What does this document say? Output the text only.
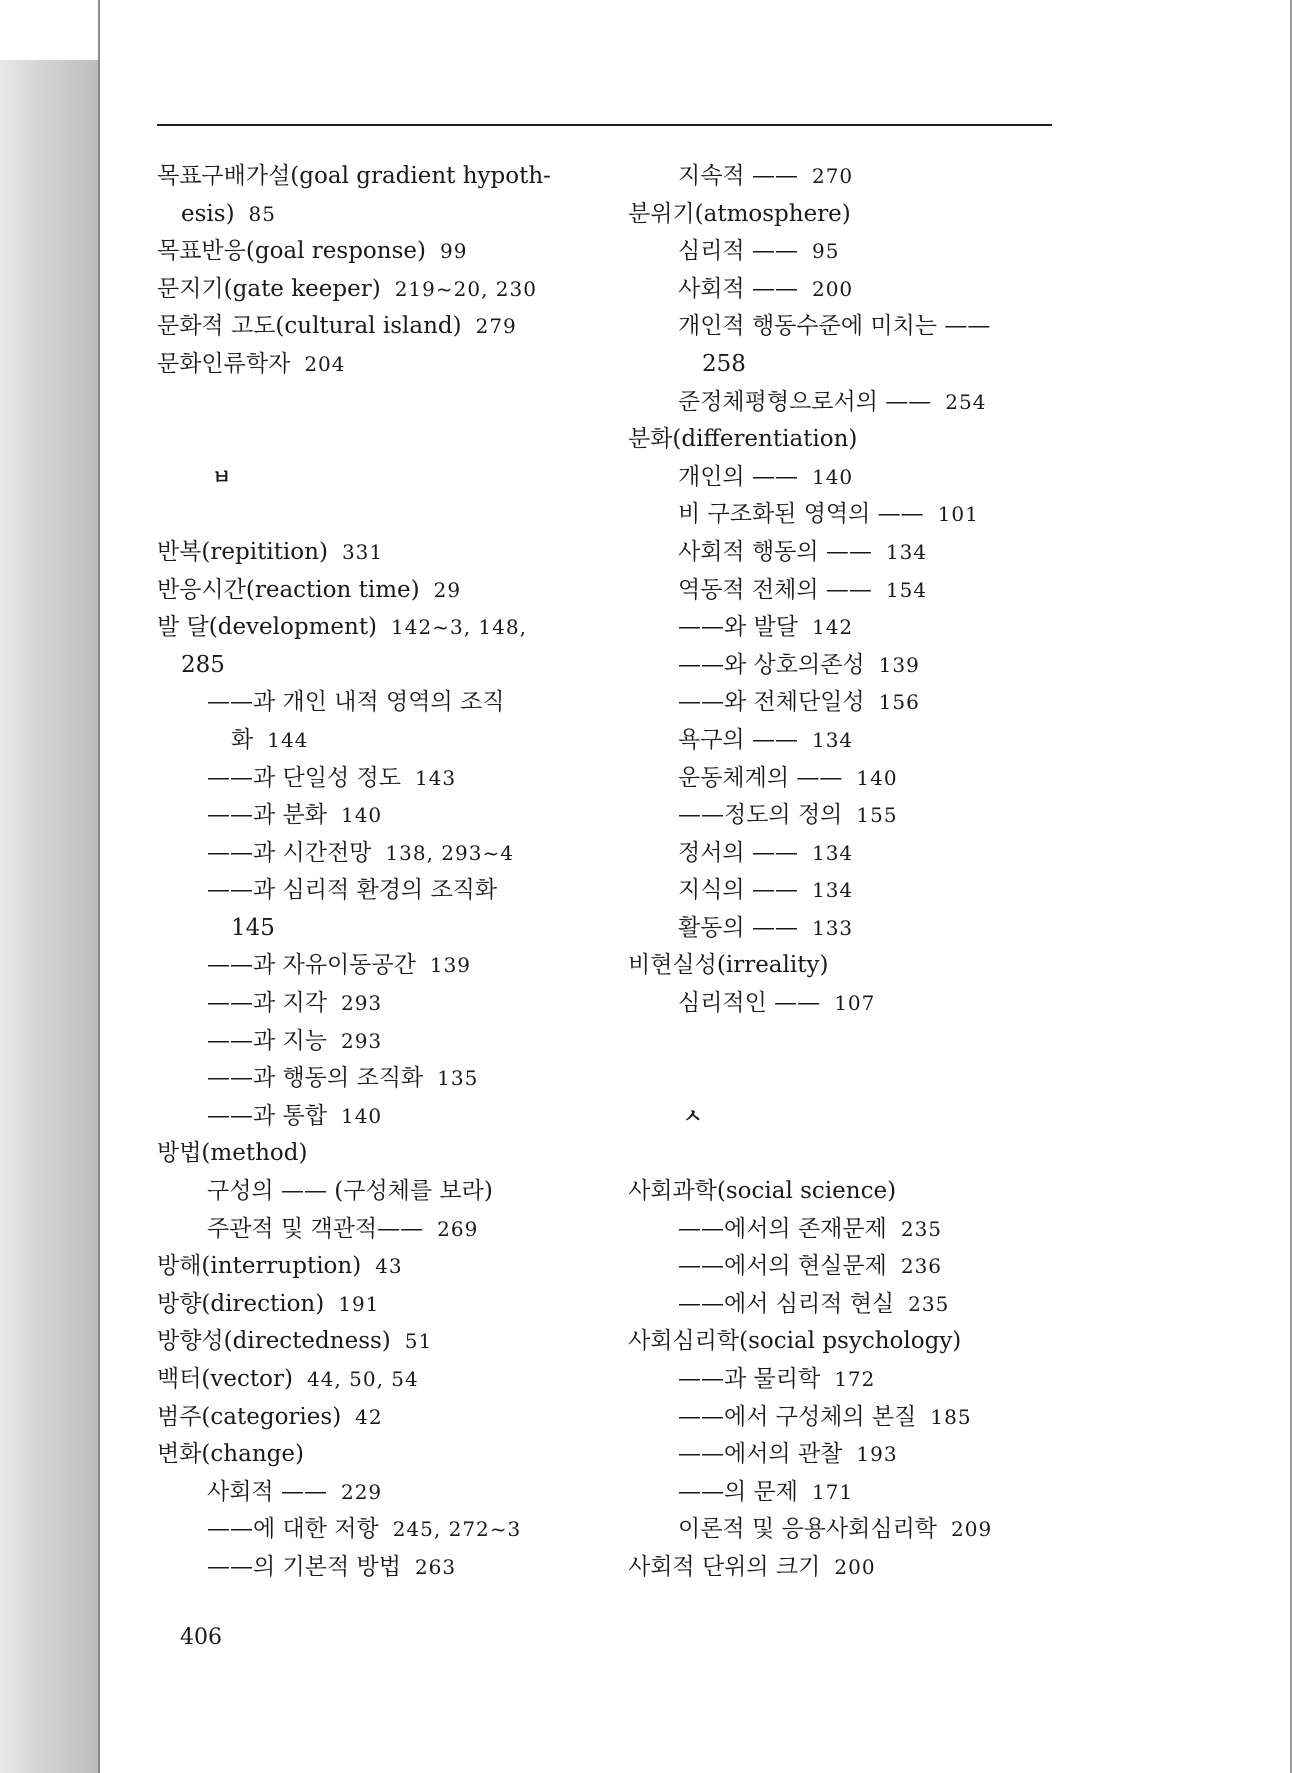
목표구배가설(goal gradient hypoth-
esis) 85
목표반응(goal response) 99
문지기(gate keeper) 219~20, 230
문화적 고도(cultural island) 279
문화인류학자 204
ㅂ
반복(repitition) 331
반응시간(reaction time) 29
발 달(development) 142~3, 148,
285
——과 개인 내적 영역의 조직
화 144
——과 단일성 정도 143
——과 분화 140
——과 시간전망 138, 293~4
——과 심리적 환경의 조직화
145
——과 자유이동공간 139
——과 지각 293
——과 지능 293
——과 행동의 조직화 135
——과 통합 140
방법(method)
구성의 —— (구성체를 보라)
주관적 및 객관적—— 269
방해(interruption) 43
방향(direction) 191
방향성(directedness) 51
백터(vector) 44, 50, 54
범주(categories) 42
변화(change)
사회적 —— 229
——에 대한 저항 245, 272~3
——의 기본적 방법 263
지속적 —— 270
분위기(atmosphere)
심리적 —— 95
사회적 —— 200
개인적 행동수준에 미치는 ——
258
준정체평형으로서의 —— 254
분화(differentiation)
개인의 —— 140
비 구조화된 영역의 —— 101
사회적 행동의 —— 134
역동적 전체의 —— 154
——와 발달 142
——와 상호의존성 139
——와 전체단일성 156
욕구의 —— 134
운동체계의 —— 140
——정도의 정의 155
정서의 —— 134
지식의 —— 134
활동의 —— 133
비현실성(irreality)
심리적인 —— 107
ㅅ
사회과학(social science)
——에서의 존재문제 235
——에서의 현실문제 236
——에서 심리적 현실 235
사회심리학(social psychology)
——과 물리학 172
——에서 구성체의 본질 185
——에서의 관찰 193
——의 문제 171
이론적 및 응용사회심리학 209
사회적 단위의 크기 200
406
